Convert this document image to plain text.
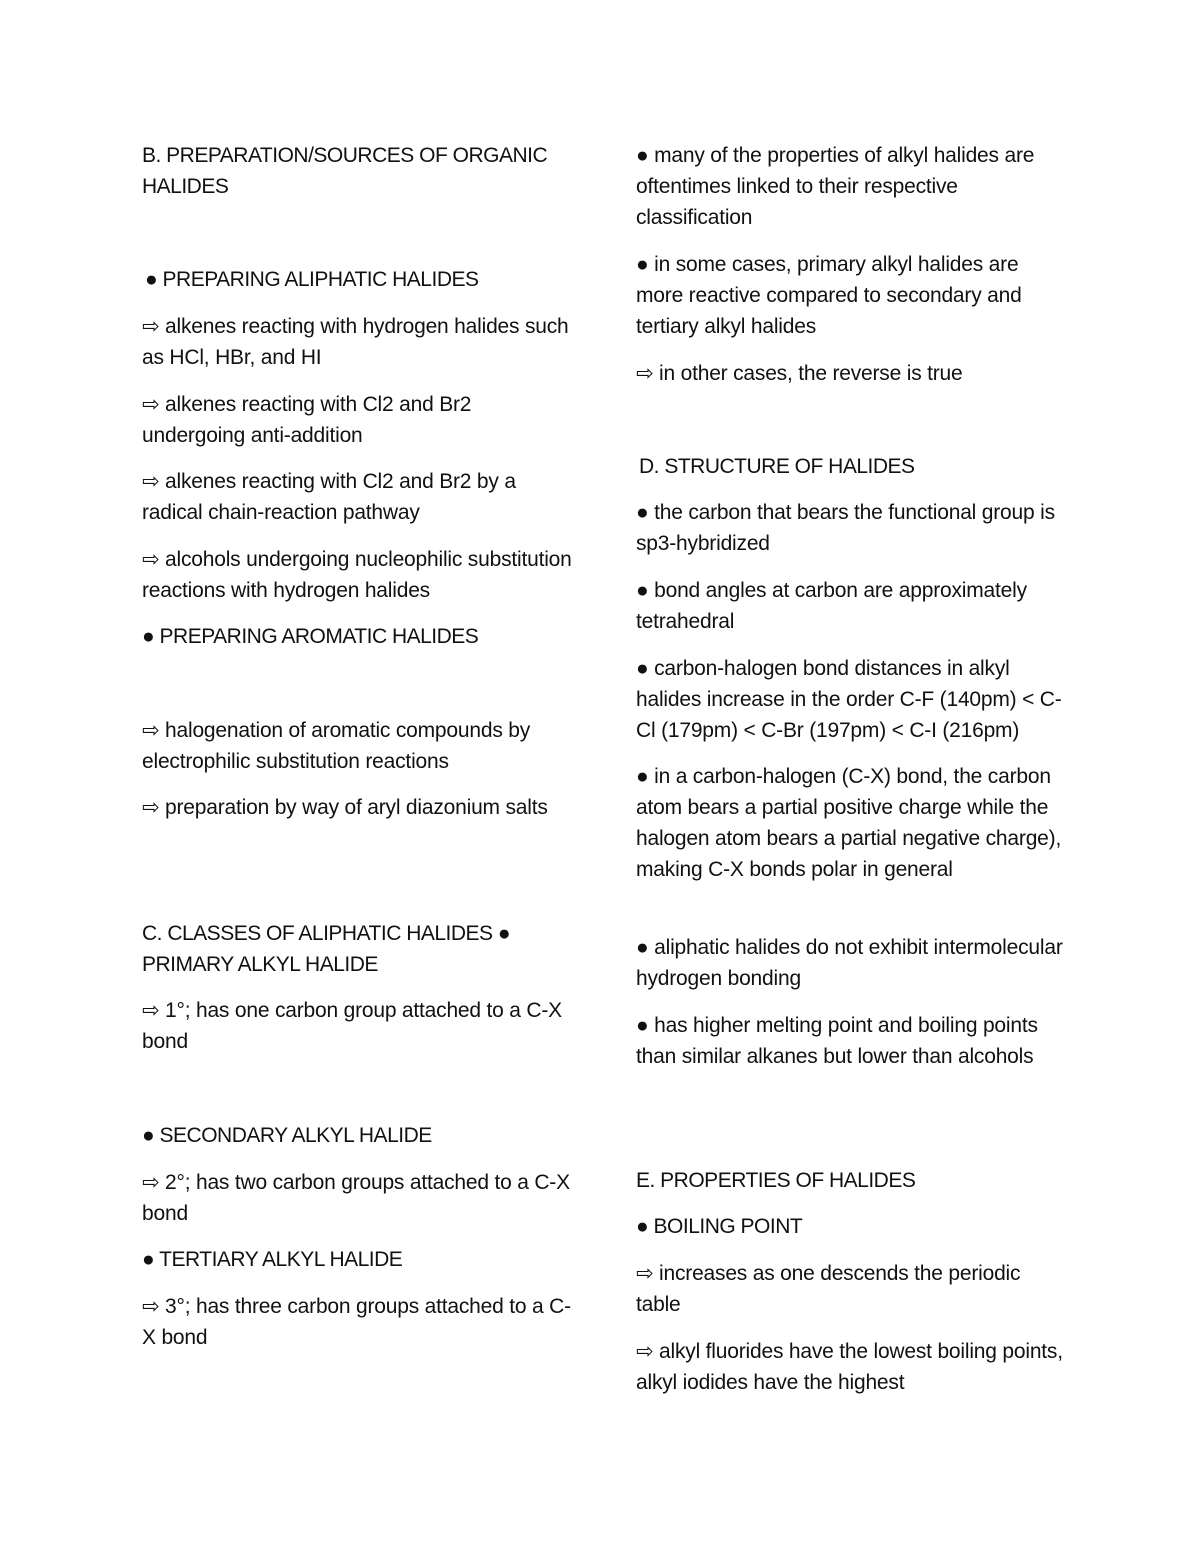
B. PREPARATION/SOURCES OF ORGANIC HALIDES

● PREPARING ALIPHATIC HALIDES

⇨ alkenes reacting with hydrogen halides such as HCl, HBr, and HI

⇨ alkenes reacting with Cl2 and Br2 undergoing anti-addition

⇨ alkenes reacting with Cl2 and Br2 by a radical chain-reaction pathway

⇨ alcohols undergoing nucleophilic substitution reactions with hydrogen halides

● PREPARING AROMATIC HALIDES

⇨ halogenation of aromatic compounds by electrophilic substitution reactions

⇨ preparation by way of aryl diazonium salts

C. CLASSES OF ALIPHATIC HALIDES ● PRIMARY ALKYL HALIDE

⇨ 1°; has one carbon group attached to a C-X bond

● SECONDARY ALKYL HALIDE

⇨ 2°; has two carbon groups attached to a C-X bond

● TERTIARY ALKYL HALIDE

⇨ 3°; has three carbon groups attached to a C-X bond

● many of the properties of alkyl halides are oftentimes linked to their respective classification

● in some cases, primary alkyl halides are more reactive compared to secondary and tertiary alkyl halides

⇨ in other cases, the reverse is true

D. STRUCTURE OF HALIDES

● the carbon that bears the functional group is sp3-hybridized

● bond angles at carbon are approximately tetrahedral

● carbon-halogen bond distances in alkyl halides increase in the order C-F (140pm) < C-Cl (179pm) < C-Br (197pm) < C-I (216pm)

● in a carbon-halogen (C-X) bond, the carbon atom bears a partial positive charge while the halogen atom bears a partial negative charge), making C-X bonds polar in general

● aliphatic halides do not exhibit intermolecular hydrogen bonding

● has higher melting point and boiling points than similar alkanes but lower than alcohols

E. PROPERTIES OF HALIDES

● BOILING POINT

⇨ increases as one descends the periodic table

⇨ alkyl fluorides have the lowest boiling points, alkyl iodides have the highest
